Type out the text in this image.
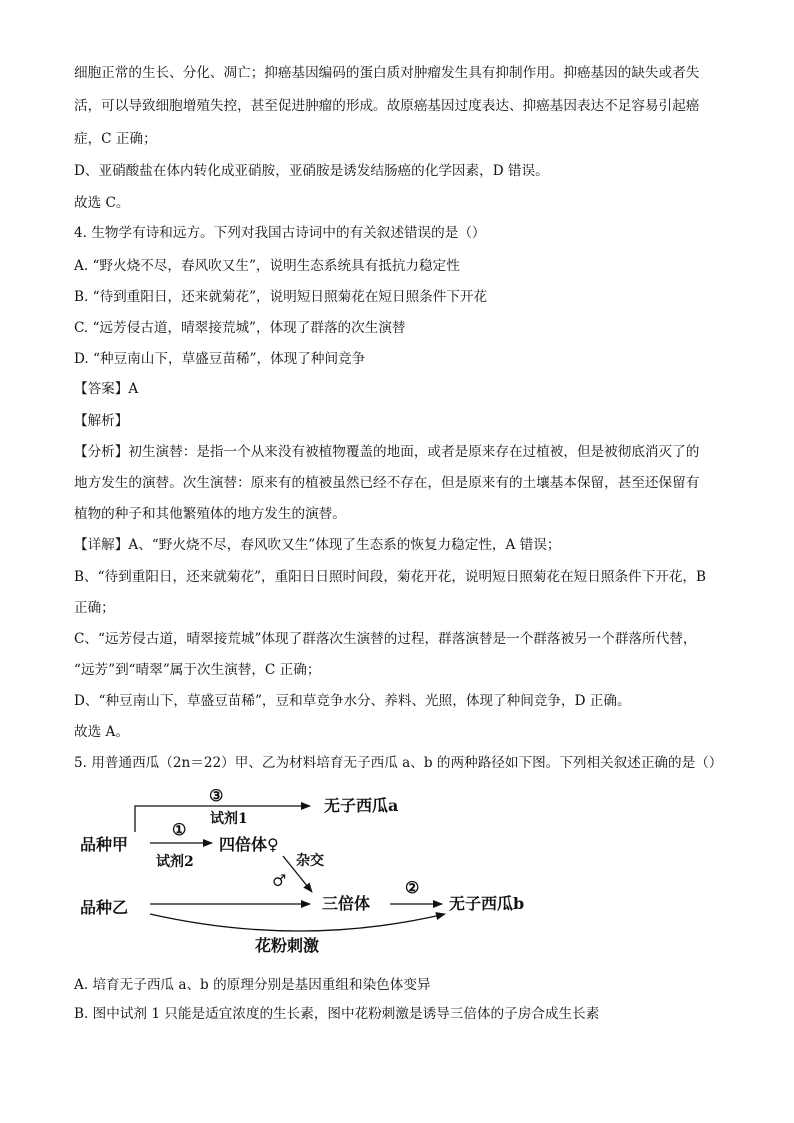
细胞正常的生长、分化、凋亡；抑癌基因编码的蛋白质对肿瘤发生具有抑制作用。抑癌基因的缺失或者失
活，可以导致细胞增殖失控，甚至促进肿瘤的形成。故原癌基因过度表达、抑癌基因表达不足容易引起癌
症，C 正确；
D、亚硝酸盐在体内转化成亚硝胺，亚硝胺是诱发结肠癌的化学因素，D 错误。
故选 C。
4. 生物学有诗和远方。下列对我国古诗词中的有关叙述错误的是（）
A. “野火烧不尽，春风吹又生”，说明生态系统具有抵抗力稳定性
B. “待到重阳日，还来就菊花”，说明短日照菊花在短日照条件下开花
C. “远芳侵古道，晴翠接荒城”，体现了群落的次生演替
D. “种豆南山下，草盛豆苗稀”，体现了种间竞争
【答案】A
【解析】
【分析】初生演替：是指一个从来没有被植物覆盖的地面，或者是原来存在过植被，但是被彻底消灭了的
地方发生的演替。次生演替：原来有的植被虽然已经不存在，但是原来有的土壤基本保留，甚至还保留有
植物的种子和其他繁殖体的地方发生的演替。
【详解】A、“野火烧不尽，春风吹又生”体现了生态系的恢复力稳定性，A 错误；
B、“待到重阳日，还来就菊花”，重阳日日照时间段，菊花开花，说明短日照菊花在短日照条件下开花，B
正确；
C、“远芳侵古道，晴翠接荒城”体现了群落次生演替的过程，群落演替是一个群落被另一个群落所代替，
“远芳”到“晴翠”属于次生演替，C 正确；
D、“种豆南山下，草盛豆苗稀”，豆和草竞争水分、养料、光照，体现了种间竞争，D 正确。
故选 A。
5. 用普通西瓜（2n＝22）甲、乙为材料培育无子西瓜 a、b 的两种路径如下图。下列相关叙述正确的是（）
品种甲
品种乙
③
试剂1
无子西瓜a
①
试剂2
四倍体♀
杂交
♂
三倍体
②
无子西瓜b
花粉刺激
A. 培育无子西瓜 a、b 的原理分别是基因重组和染色体变异
B. 图中试剂 1 只能是适宜浓度的生长素，图中花粉刺激是诱导三倍体的子房合成生长素
